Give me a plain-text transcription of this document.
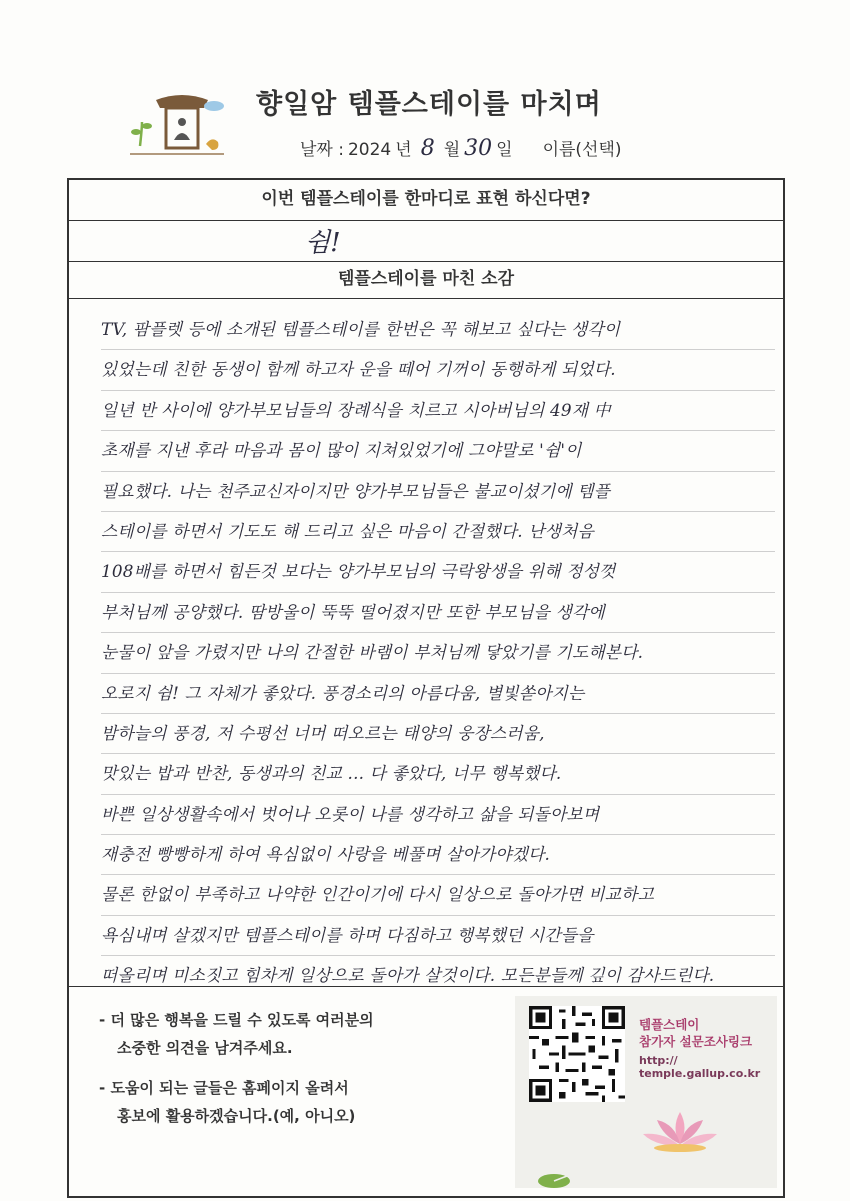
향일암 템플스테이를 마치며
날짜 : 2024 년 8 월 30 일 이름(선택)
이번 템플스테이를 한마디로 표현 하신다면?
쉼!
템플스테이를 마친 소감
TV, 팜플렛 등에 소개된 템플스테이를 한번은 꼭 해보고 싶다는 생각이
있었는데 친한 동생이 함께 하고자 운을 떼어 기꺼이 동행하게 되었다.
일년 반 사이에 양가부모님들의 장례식을 치르고 시아버님의 49재 中
초재를 지낸 후라 마음과 몸이 많이 지쳐있었기에 그야말로 '쉼'이
필요했다. 나는 천주교신자이지만 양가부모님들은 불교이셨기에 템플
스테이를 하면서 기도도 해 드리고 싶은 마음이 간절했다. 난생처음
108배를 하면서 힘든것 보다는 양가부모님의 극락왕생을 위해 정성껏
부처님께 공양했다. 땀방울이 뚝뚝 떨어졌지만 또한 부모님을 생각에
눈물이 앞을 가렸지만 나의 간절한 바램이 부처님께 닿았기를 기도해본다.
오로지 쉼! 그 자체가 좋았다. 풍경소리의 아름다움, 별빛쏟아지는
밤하늘의 풍경, 저 수평선 너머 떠오르는 태양의 웅장스러움,
맛있는 밥과 반찬, 동생과의 친교 ... 다 좋았다, 너무 행복했다.
바쁜 일상생활속에서 벗어나 오롯이 나를 생각하고 삶을 되돌아보며
재충전 빵빵하게 하여 욕심없이 사랑을 베풀며 살아가야겠다.
물론 한없이 부족하고 나약한 인간이기에 다시 일상으로 돌아가면 비교하고
욕심내며 살겠지만 템플스테이를 하며 다짐하고 행복했던 시간들을
떠올리며 미소짓고 힘차게 일상으로 돌아가 살것이다. 모든분들께 깊이 감사드린다.
- 더 많은 행복을 드릴 수 있도록 여러분의
소중한 의견을 남겨주세요.
- 도움이 되는 글들은 홈페이지 올려서
홍보에 활용하겠습니다.(예, 아니오)
템플스테이
참가자 설문조사링크
http:// temple.gallup.co.kr
